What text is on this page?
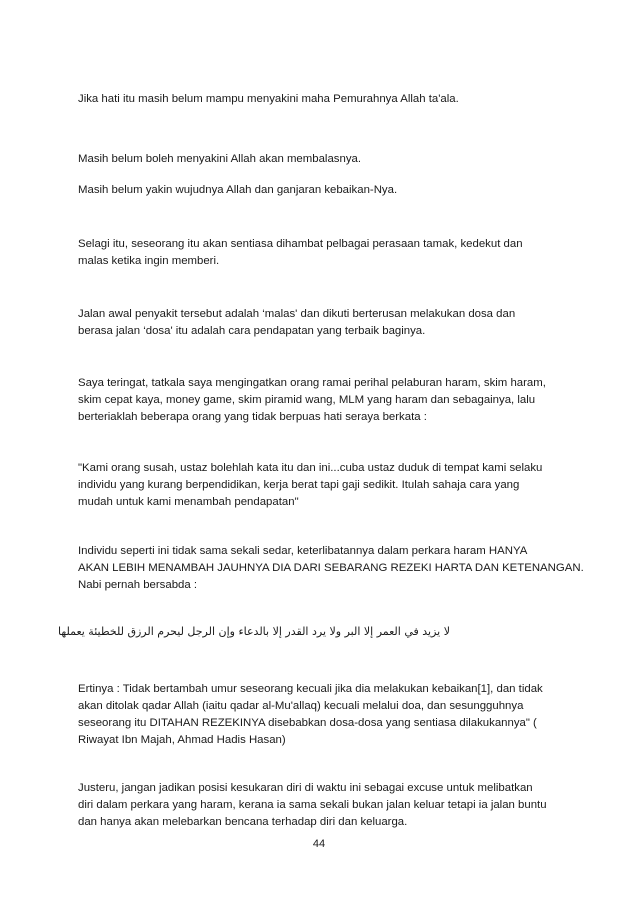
Jika hati itu masih belum mampu menyakini maha Pemurahnya Allah ta'ala.

Masih belum boleh menyakini Allah akan membalasnya.

Masih belum yakin wujudnya Allah dan ganjaran kebaikan-Nya.

Selagi itu, seseorang itu akan sentiasa dihambat pelbagai perasaan tamak, kedekut dan
malas ketika ingin memberi.

Jalan awal penyakit tersebut adalah ‘malas' dan dikuti berterusan melakukan dosa dan
berasa jalan ‘dosa' itu adalah cara pendapatan yang terbaik baginya.

Saya teringat, tatkala saya mengingatkan orang ramai perihal pelaburan haram, skim haram,
skim cepat kaya, money game, skim piramid wang, MLM yang haram dan sebagainya, lalu
berteriaklah beberapa orang yang tidak berpuas hati seraya berkata :

"Kami orang susah, ustaz bolehlah kata itu dan ini...cuba ustaz duduk di tempat kami selaku
individu yang kurang berpendidikan, kerja berat tapi gaji sedikit. Itulah sahaja cara yang
mudah untuk kami menambah pendapatan"

Individu seperti ini tidak sama sekali sedar, keterlibatannya dalam perkara haram HANYA
AKAN LEBIH MENAMBAH JAUHNYA DIA DARI SEBARANG REZEKI HARTA DAN KETENANGAN.
Nabi pernah bersabda :

لا يزيد في العمر إلا البر ولا يرد القدر إلا بالدعاء وإن الرجل ليحرم الرزق للخطيئة يعملها

Ertinya : Tidak bertambah umur seseorang kecuali jika dia melakukan kebaikan[1], dan tidak
akan ditolak qadar Allah (iaitu qadar al-Mu'allaq) kecuali melalui doa, dan sesungguhnya
seseorang itu DITAHAN REZEKINYA disebabkan dosa-dosa yang sentiasa dilakukannya" (
Riwayat Ibn Majah, Ahmad Hadis Hasan)

Justeru, jangan jadikan posisi kesukaran diri di waktu ini sebagai excuse untuk melibatkan
diri dalam perkara yang haram, kerana ia sama sekali bukan jalan keluar tetapi ia jalan buntu
dan hanya akan melebarkan bencana terhadap diri dan keluarga.

44
